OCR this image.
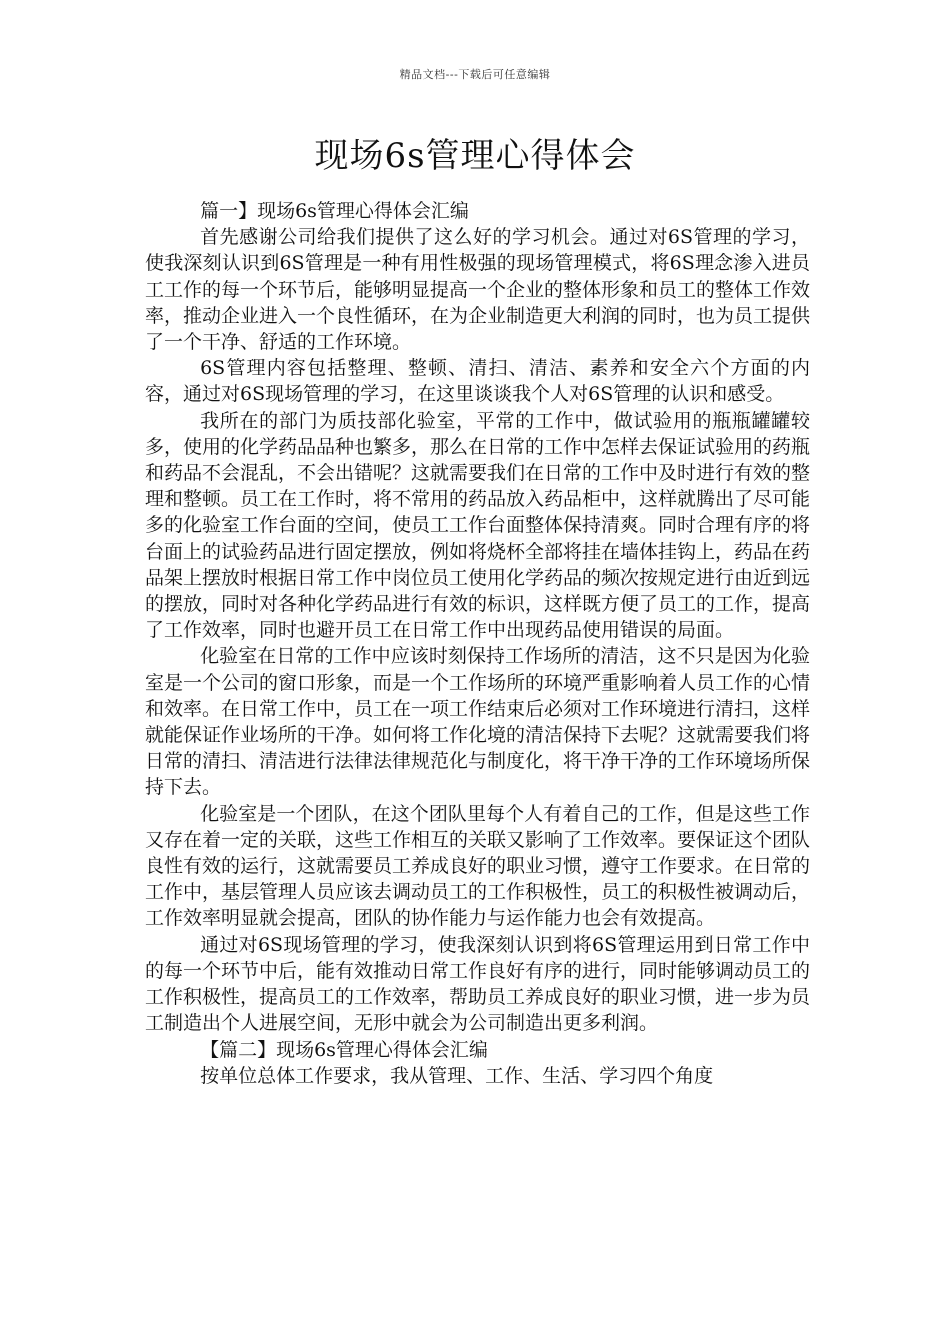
精品文档---下载后可任意编辑
现场6s管理心得体会

篇一】现场6s管理心得体会汇编

首先感谢公司给我们提供了这么好的学习机会。通过对6S管理的学习，使我深刻认识到6S管理是一种有用性极强的现场管理模式，将6S理念渗入进员工工作的每一个环节后，能够明显提高一个企业的整体形象和员工的整体工作效率，推动企业进入一个良性循环，在为企业制造更大利润的同时，也为员工提供了一个干净、舒适的工作环境。

6S管理内容包括整理、整顿、清扫、清洁、素养和安全六个方面的内容，通过对6S现场管理的学习，在这里谈谈我个人对6S管理的认识和感受。

我所在的部门为质技部化验室，平常的工作中，做试验用的瓶瓶罐罐较多，使用的化学药品品种也繁多，那么在日常的工作中怎样去保证试验用的药瓶和药品不会混乱，不会出错呢？这就需要我们在日常的工作中及时进行有效的整理和整顿。员工在工作时，将不常用的药品放入药品柜中，这样就腾出了尽可能多的化验室工作台面的空间，使员工工作台面整体保持清爽。同时合理有序的将台面上的试验药品进行固定摆放，例如将烧杯全部将挂在墙体挂钩上，药品在药品架上摆放时根据日常工作中岗位员工使用化学药品的频次按规定进行由近到远的摆放，同时对各种化学药品进行有效的标识，这样既方便了员工的工作，提高了工作效率，同时也避开员工在日常工作中出现药品使用错误的局面。

化验室在日常的工作中应该时刻保持工作场所的清洁，这不只是因为化验室是一个公司的窗口形象，而是一个工作场所的环境严重影响着人员工作的心情和效率。在日常工作中，员工在一项工作结束后必须对工作环境进行清扫，这样就能保证作业场所的干净。如何将工作化境的清洁保持下去呢？这就需要我们将日常的清扫、清洁进行法律法律规范化与制度化，将干净干净的工作环境场所保持下去。

化验室是一个团队，在这个团队里每个人有着自己的工作，但是这些工作又存在着一定的关联，这些工作相互的关联又影响了工作效率。要保证这个团队良性有效的运行，这就需要员工养成良好的职业习惯，遵守工作要求。在日常的工作中，基层管理人员应该去调动员工的工作积极性，员工的积极性被调动后，工作效率明显就会提高，团队的协作能力与运作能力也会有效提高。

通过对6S现场管理的学习，使我深刻认识到将6S管理运用到日常工作中的每一个环节中后，能有效推动日常工作良好有序的进行，同时能够调动员工的工作积极性，提高员工的工作效率，帮助员工养成良好的职业习惯，进一步为员工制造出个人进展空间，无形中就会为公司制造出更多利润。

【篇二】现场6s管理心得体会汇编

按单位总体工作要求，我从管理、工作、生活、学习四个角度
